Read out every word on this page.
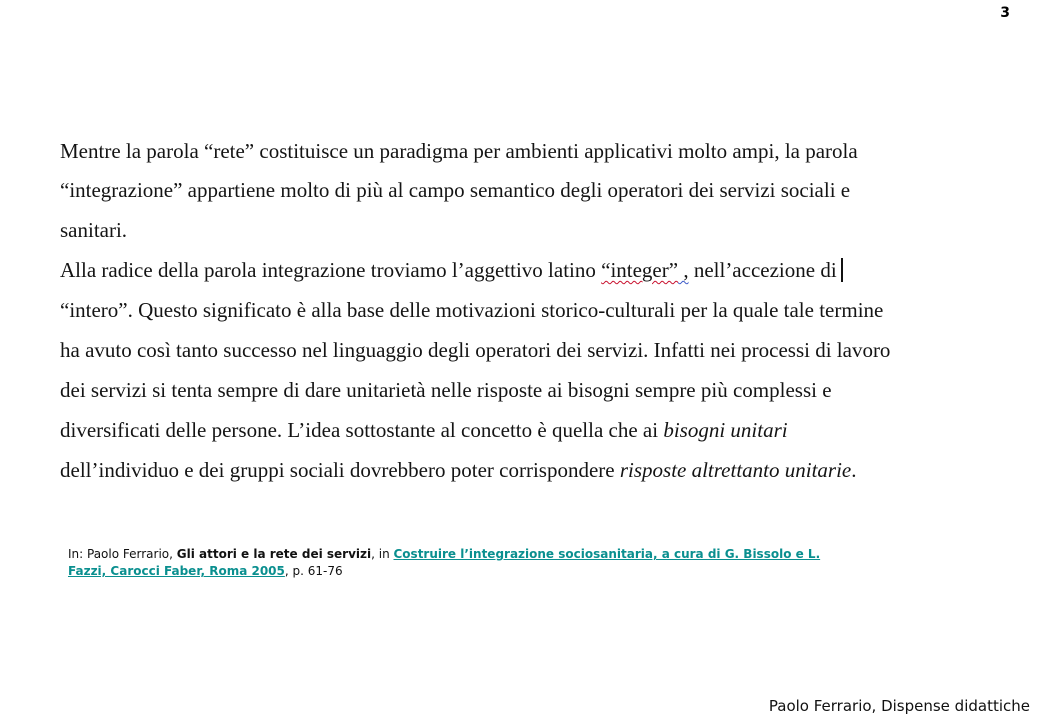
3
Mentre la parola “rete” costituisce un paradigma per ambienti applicativi molto ampi, la parola
“integrazione” appartiene molto di più al campo semantico degli operatori dei servizi sociali e
sanitari.
Alla radice della parola integrazione troviamo l’aggettivo latino “integer” , nell’accezione di
“intero”. Questo significato è alla base delle motivazioni storico-culturali per la quale tale termine
ha avuto così tanto successo nel linguaggio degli operatori dei servizi. Infatti nei processi di lavoro
dei servizi si tenta sempre di dare unitarietà nelle risposte ai bisogni sempre più complessi e
diversificati delle persone. L’idea sottostante al concetto è quella che ai bisogni unitari
dell’individuo e dei gruppi sociali dovrebbero poter corrispondere risposte altrettanto unitarie.
In: Paolo Ferrario, Gli attori e la rete dei servizi, in Costruire l’integrazione sociosanitaria, a cura di G. Bissolo e L.
Fazzi, Carocci Faber, Roma 2005, p. 61-76
Paolo Ferrario, Dispense didattiche
